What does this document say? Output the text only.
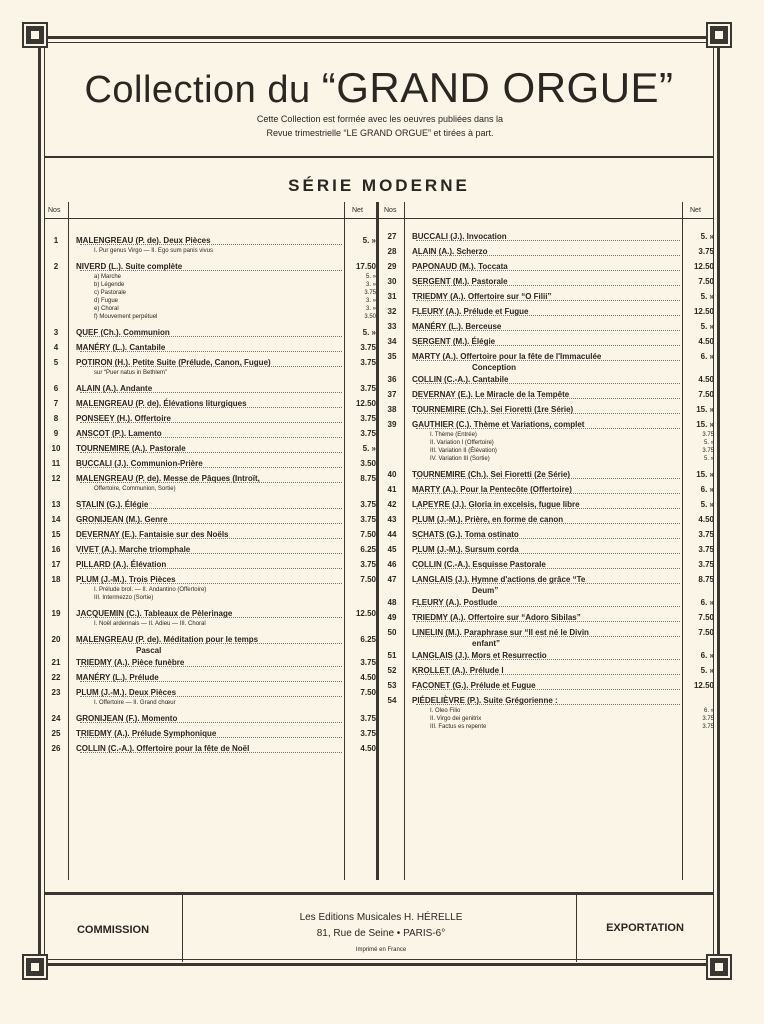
Collection du “GRAND ORGUE”
Cette Collection est formée avec les oeuvres publiées dans la
Revue trimestrielle “LE GRAND ORGUE” et tirées à part.
SÉRIE MODERNE
Nos	Net	Nos	Net
COMMISSION	EXPORTATION
Les Editions Musicales H. HÉRELLE
81, Rue de Seine • PARIS-6°
Imprimé en France
1	MALENGREAU (P. de). Deux Pièces	5. »
I. Pur genus Virgo — II. Ego sum panis vivus
2	NIVERD (L.). Suite complète	17.50
a) Marche	5. »
b) Légende	3. »
c) Pastorale	3.75
d) Fugue	3. »
e) Choral	3. »
f) Mouvement perpétuel	3.50
3	QUEF (Ch.). Communion	5. »
4	MANÉRY (L.). Cantabile	3.75
5	POTIRON (H.). Petite Suite (Prélude, Canon, Fugue)	3.75
sur “Puer natus in Bethlem”
6	ALAIN (A.). Andante	3.75
7	MALENGREAU (P. de). Élévations liturgiques	12.50
8	PONSEEY (H.). Offertoire	3.75
9	ANSCOT (P.). Lamento	3.75
10	TOURNEMIRE (A.). Pastorale	5. »
11	BUCCALI (J.). Communion-Prière	3.50
12	MALENGREAU (P. de). Messe de Pâques (Introït,	8.75
Offertoire, Communion, Sortie)
13	STALIN (G.). Élégie	3.75
14	GRONIJEAN (M.). Genre	3.75
15	DEVERNAY (E.). Fantaisie sur des Noëls	7.50
16	VIVET (A.). Marche triomphale	6.25
17	PILLARD (A.). Élévation	3.75
18	PLUM (J.-M.). Trois Pièces	7.50
I. Prélude brol. — II. Andantino (Offertoire)
III. Intermezzo (Sortie)
19	JACQUEMIN (C.). Tableaux de Pèlerinage	12.50
I. Noël ardennais — II. Adieu — III. Choral
20	MALENGREAU (P. de). Méditation pour le temps	6.25
Pascal
21	TRIEDMY (A.). Pièce funèbre	3.75
22	MANÉRY (L.). Prélude	4.50
23	PLUM (J.-M.). Deux Pièces	7.50
I. Offertoire — II. Grand chœur
24	GRONIJEAN (F.). Momento	3.75
25	TRIEDMY (A.). Prélude Symphonique	3.75
26	COLLIN (C.-A.). Offertoire pour la fête de Noël	4.50
27	BUCCALI (J.). Invocation	5. »
28	ALAIN (A.). Scherzo	3.75
29	PAPONAUD (M.). Toccata	12.50
30	SERGENT (M.). Pastorale	7.50
31	TRIEDMY (A.). Offertoire sur “O Filii”	5. »
32	FLEURY (A.). Prélude et Fugue	12.50
33	MANÉRY (L.). Berceuse	5. »
34	SERGENT (M.). Élégie	4.50
35	MARTY (A.). Offertoire pour la fête de l'Immaculée	6. »
Conception
36	COLLIN (C.-A.). Cantabile	4.50
37	DEVERNAY (E.). Le Miracle de la Tempête	7.50
38	TOURNEMIRE (Ch.). Sei Fioretti (1re Série)	15. »
39	GAUTHIER (C.). Thème et Variations, complet	15. »
I. Thème (Entrée)	3.75
II. Variation I (Offertoire)	5. »
III. Variation II (Élévation)	3.75
IV. Variation III (Sortie)	5. »
40	TOURNEMIRE (Ch.). Sei Fioretti (2e Série)	15. »
41	MARTY (A.). Pour la Pentecôte (Offertoire)	6. »
42	LAPEYRE (J.). Gloria in excelsis, fugue libre	5. »
43	PLUM (J.-M.). Prière, en forme de canon	4.50
44	SCHATS (G.). Toma ostinato	3.75
45	PLUM (J.-M.). Sursum corda	3.75
46	COLLIN (C.-A.). Esquisse Pastorale	3.75
47	LANGLAIS (J.). Hymne d'actions de grâce “Te	8.75
Deum”
48	FLEURY (A.). Postlude	6. »
49	TRIEDMY (A.). Offertoire sur “Adoro Sibilas”	7.50
50	LINELIN (M.). Paraphrase sur “Il est né le Divin	7.50
enfant”
51	LANGLAIS (J.). Mors et Resurrectio	6. »
52	KROLLET (A.). Prélude I	5. »
53	FACONET (G.). Prélude et Fugue	12.50
54	PIÉDELIÈVRE (P.). Suite Grégorienne :
I. Oleo Filio	6. »
II. Virgo dei genitrix	3.75
III. Factus es repente	3.75
